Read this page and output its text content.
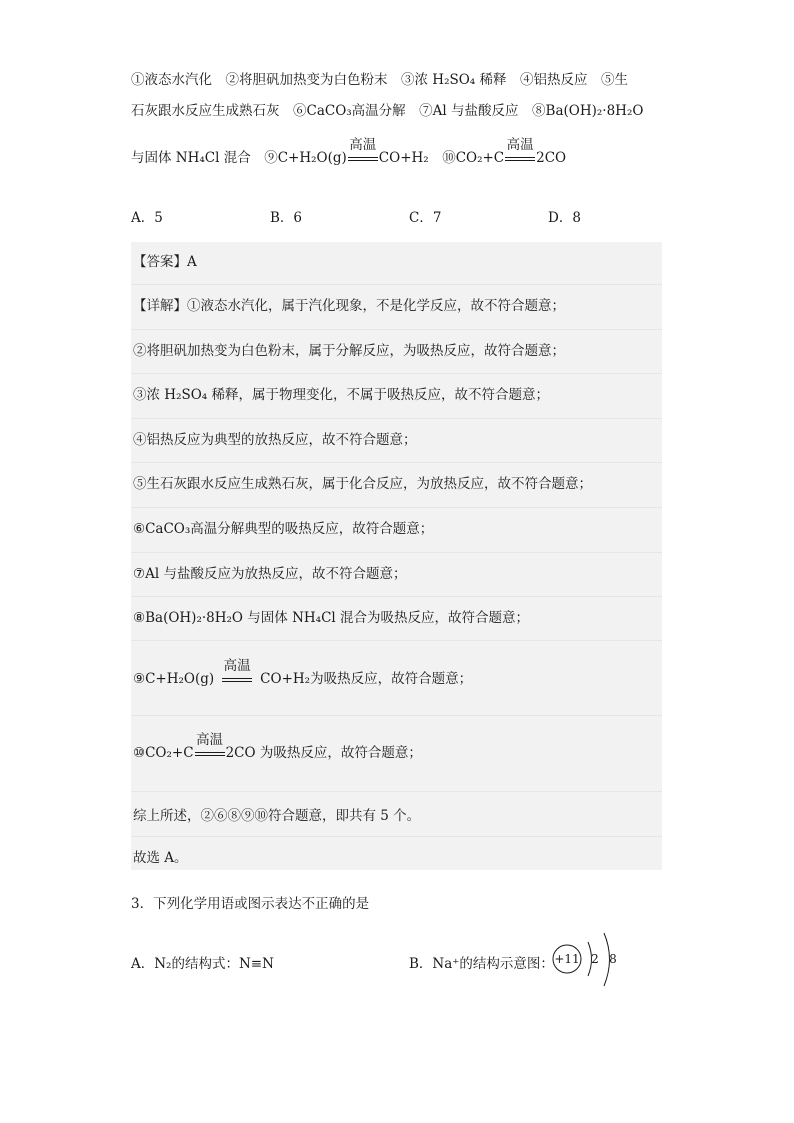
①液态水汽化　②将胆矾加热变为白色粉末　③浓 H₂SO₄ 稀释　④铝热反应　⑤生
石灰跟水反应生成熟石灰　⑥CaCO₃高温分解　⑦Al 与盐酸反应　⑧Ba(OH)₂·8H₂O
与固体 NH₄Cl 混合　⑨C+H₂O(g)
高温
CO+H₂　⑩CO₂+C
高温
2CO
A．5	B．6	C．7	D．8
【答案】A
【详解】①液态水汽化，属于汽化现象，不是化学反应，故不符合题意；
②将胆矾加热变为白色粉末，属于分解反应，为吸热反应，故符合题意；
③浓 H₂SO₄ 稀释，属于物理变化，不属于吸热反应，故不符合题意；
④铝热反应为典型的放热反应，故不符合题意；
⑤生石灰跟水反应生成熟石灰，属于化合反应，为放热反应，故不符合题意；
⑥CaCO₃高温分解典型的吸热反应，故符合题意；
⑦Al 与盐酸反应为放热反应，故不符合题意；
⑧Ba(OH)₂·8H₂O 与固体 NH₄Cl 混合为吸热反应，故符合题意；
⑨C+H₂O(g)
高温
CO+H₂为吸热反应，故符合题意；
⑩CO₂+C
高温
2CO 为吸热反应，故符合题意；
综上所述，②⑥⑧⑨⑩符合题意，即共有 5 个。
故选 A。
3．下列化学用语或图示表达不正确的是
A．N₂的结构式：N≡N	B．Na⁺的结构示意图： +11 2 8
